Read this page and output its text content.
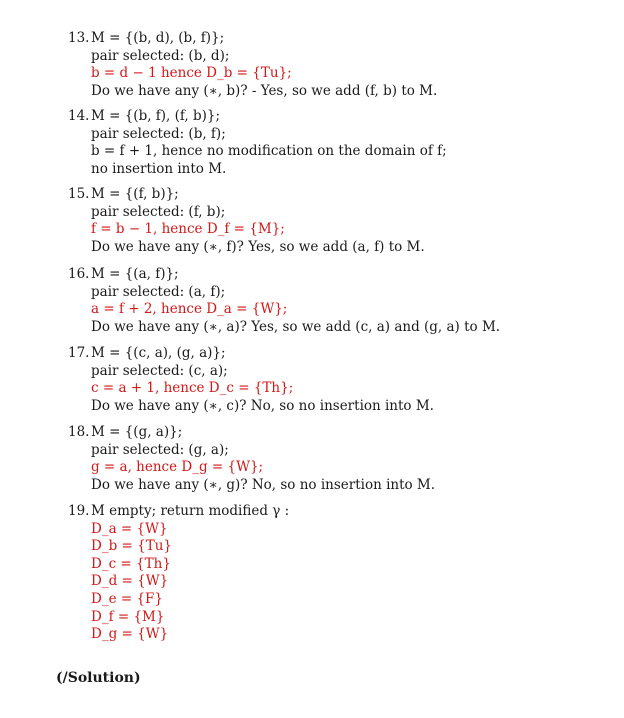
13. M = {(b, d), (b, f)};
pair selected: (b, d);
b = d − 1 hence D_b = {Tu};
Do we have any (∗, b)? - Yes, so we add (f, b) to M.
14. M = {(b, f), (f, b)};
pair selected: (b, f);
b = f + 1, hence no modification on the domain of f;
no insertion into M.
15. M = {(f, b)};
pair selected: (f, b);
f = b − 1, hence D_f = {M};
Do we have any (∗, f)? Yes, so we add (a, f) to M.
16. M = {(a, f)};
pair selected: (a, f);
a = f + 2, hence D_a = {W};
Do we have any (∗, a)? Yes, so we add (c, a) and (g, a) to M.
17. M = {(c, a), (g, a)};
pair selected: (c, a);
c = a + 1, hence D_c = {Th};
Do we have any (∗, c)? No, so no insertion into M.
18. M = {(g, a)};
pair selected: (g, a);
g = a, hence D_g = {W};
Do we have any (∗, g)? No, so no insertion into M.
19. M empty; return modified γ :
D_a = {W}
D_b = {Tu}
D_c = {Th}
D_d = {W}
D_e = {F}
D_f = {M}
D_g = {W}
(/Solution)
